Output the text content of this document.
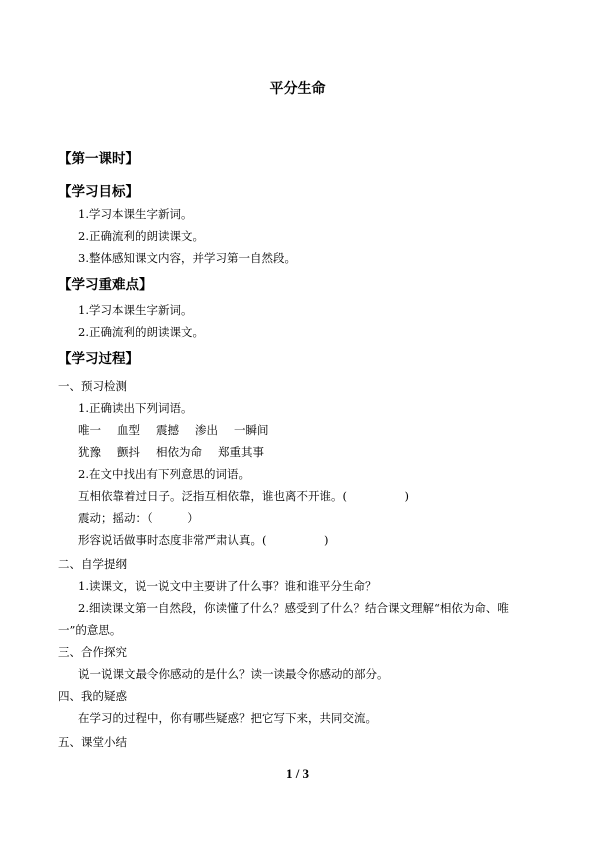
平分生命
【第一课时】
【学习目标】
1.学习本课生字新词。
2.正确流利的朗读课文。
3.整体感知课文内容，并学习第一自然段。
【学习重难点】
1.学习本课生字新词。
2.正确流利的朗读课文。
【学习过程】
一、预习检测
1.正确读出下列词语。
唯一 血型 震撼 渗出 一瞬间
犹豫 颤抖 相依为命 郑重其事
2.在文中找出有下列意思的词语。
互相依靠着过日子。泛指互相依靠，谁也离不开谁。(　　　　　)
震动；摇动：（　　　）
形容说话做事时态度非常严肃认真。(　　　　　)
二、自学提纲
1.读课文，说一说文中主要讲了什么事？谁和谁平分生命？
2.细读课文第一自然段，你读懂了什么？感受到了什么？结合课文理解“相依为命、唯
一”的意思。
三、合作探究
说一说课文最令你感动的是什么？读一读最令你感动的部分。
四、我的疑惑
在学习的过程中，你有哪些疑惑？把它写下来，共同交流。
五、课堂小结
1 / 3
